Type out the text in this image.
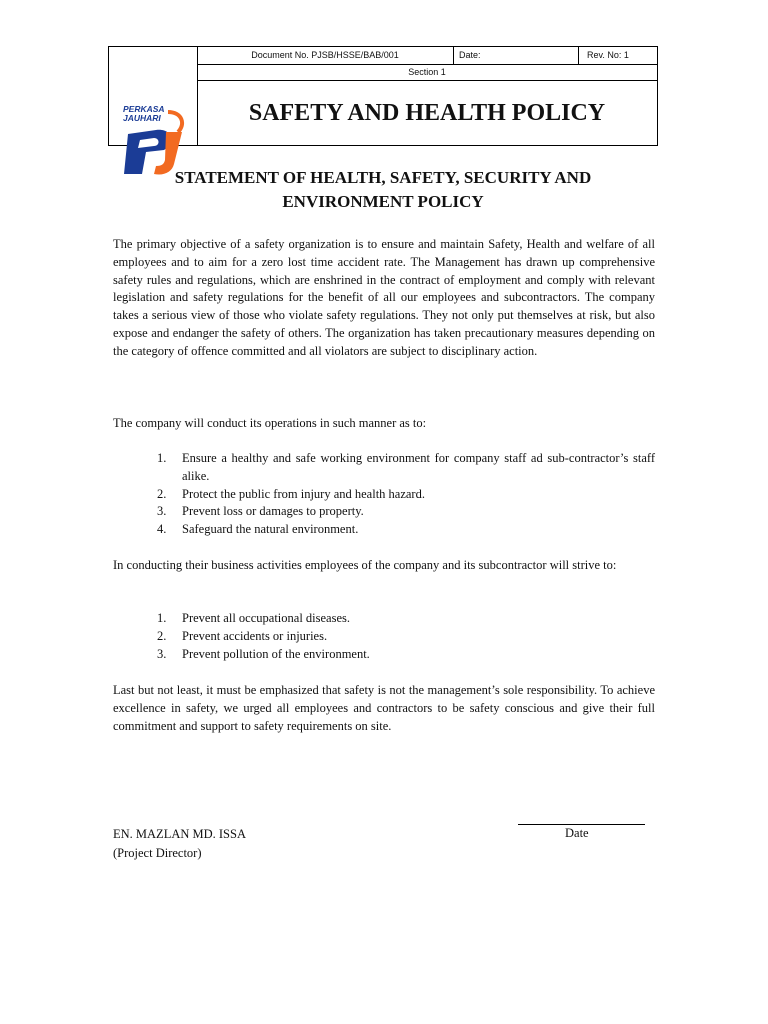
Document No. PJSB/HSSE/BAB/001	Date:	Rev. No: 1
Section 1
SAFETY AND HEALTH POLICY
PERKASA
JAUHARI
STATEMENT OF HEALTH, SAFETY, SECURITY AND
ENVIRONMENT POLICY

The primary objective of a safety organization is to ensure and maintain Safety, Health and welfare of all employees and to aim for a zero lost time accident rate. The Management has drawn up comprehensive safety rules and regulations, which are enshrined in the contract of employment and comply with relevant legislation and safety regulations for the benefit of all our employees and subcontractors. The company takes a serious view of those who violate safety regulations. They not only put themselves at risk, but also expose and endanger the safety of others. The organization has taken precautionary measures depending on the category of offence committed and all violators are subject to disciplinary action.

The company will conduct its operations in such manner as to:

1. Ensure a healthy and safe working environment for company staff ad sub-contractor’s staff alike.
2. Protect the public from injury and health hazard.
3. Prevent loss or damages to property.
4. Safeguard the natural environment.

In conducting their business activities employees of the company and its subcontractor will strive to:

1. Prevent all occupational diseases.
2. Prevent accidents or injuries.
3. Prevent pollution of the environment.

Last but not least, it must be emphasized that safety is not the management’s sole responsibility. To achieve excellence in safety, we urged all employees and contractors to be safety conscious and give their full commitment and support to safety requirements on site.

EN. MAZLAN MD. ISSA
(Project Director)
Date
